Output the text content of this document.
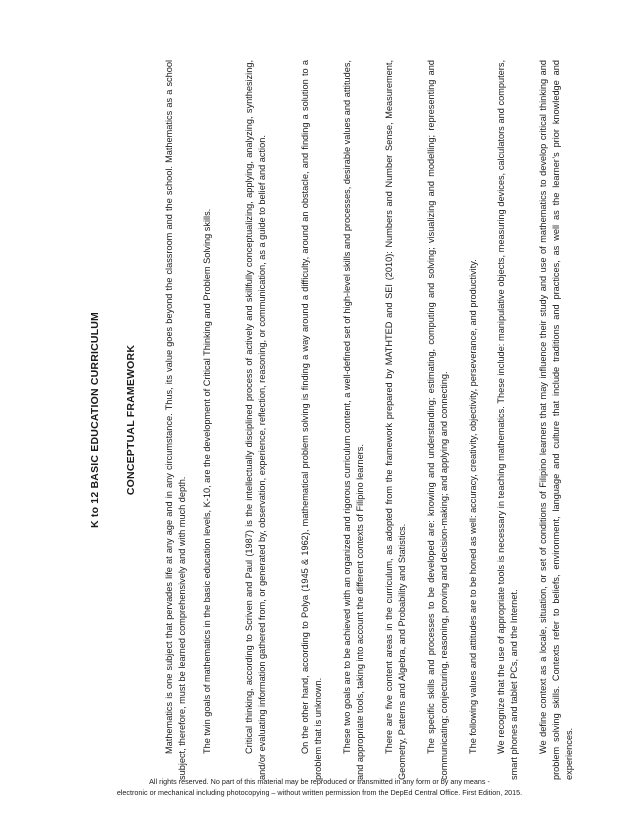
K to 12 BASIC EDUCATION CURRICULUM CONCEPTUAL FRAMEWORK	Mathematics is one subject that pervades life at any age and in any circumstance. Thus, its value goes beyond the classroom and the school. Mathematics as a school subject, therefore, must be learned comprehensively and with much depth. The twin goals of mathematics in the basic education levels, K-10, are the development of Critical Thinking and Problem Solving skills.	Critical thinking, according to Scriven and Paul (1987) is the intellectually disciplined process of actively and skillfully conceptualizing, applying, analyzing, synthesizing, and/or evaluating information gathered from, or generated by, observation, experience, reflection, reasoning, or communication, as a guide to belief and action.	On the other hand, according to Polya (1945 & 1962), mathematical problem solving is finding a way around a difficulty, around an obstacle, and finding a solution to a problem that is unknown. These two goals are to be achieved with an organized and rigorous curriculum content, a well-defined set of high-level skills and processes, desirable values and attitudes, and appropriate tools, taking into account the different contexts of Filipino learners. There are five content areas in the curriculum, as adopted from the framework prepared by MATHTED and SEI (2010): Numbers and Number Sense, Measurement, Geometry, Patterns and Algebra, and Probability and Statistics. The specific skills and processes to be developed are: knowing and understanding; estimating, computing and solving; visualizing and modelling; representing and communicating; conjecturing, reasoning, proving and decision-making; and applying and connecting. The following values and attitudes are to be honed as well: accuracy, creativity, objectivity, perseverance, and productivity. We recognize that the use of appropriate tools is necessary in teaching mathematics. These include: manipulative objects, measuring devices, calculators and computers, smart phones and tablet PCs, and the Internet. We define context as a locale, situation, or set of conditions of Filipino learners that may influence their study and use of mathematics to develop critical thinking and problem solving skills. Contexts refer to beliefs, environment, language and culture that include traditions and practices, as well as the learner’s prior knowledge and experiences.
All rights reserved. No part of this material may be reproduced or transmitted in any form or by any means -
electronic or mechanical including photocopying – without written permission from the DepEd Central Office. First Edition, 2015.
